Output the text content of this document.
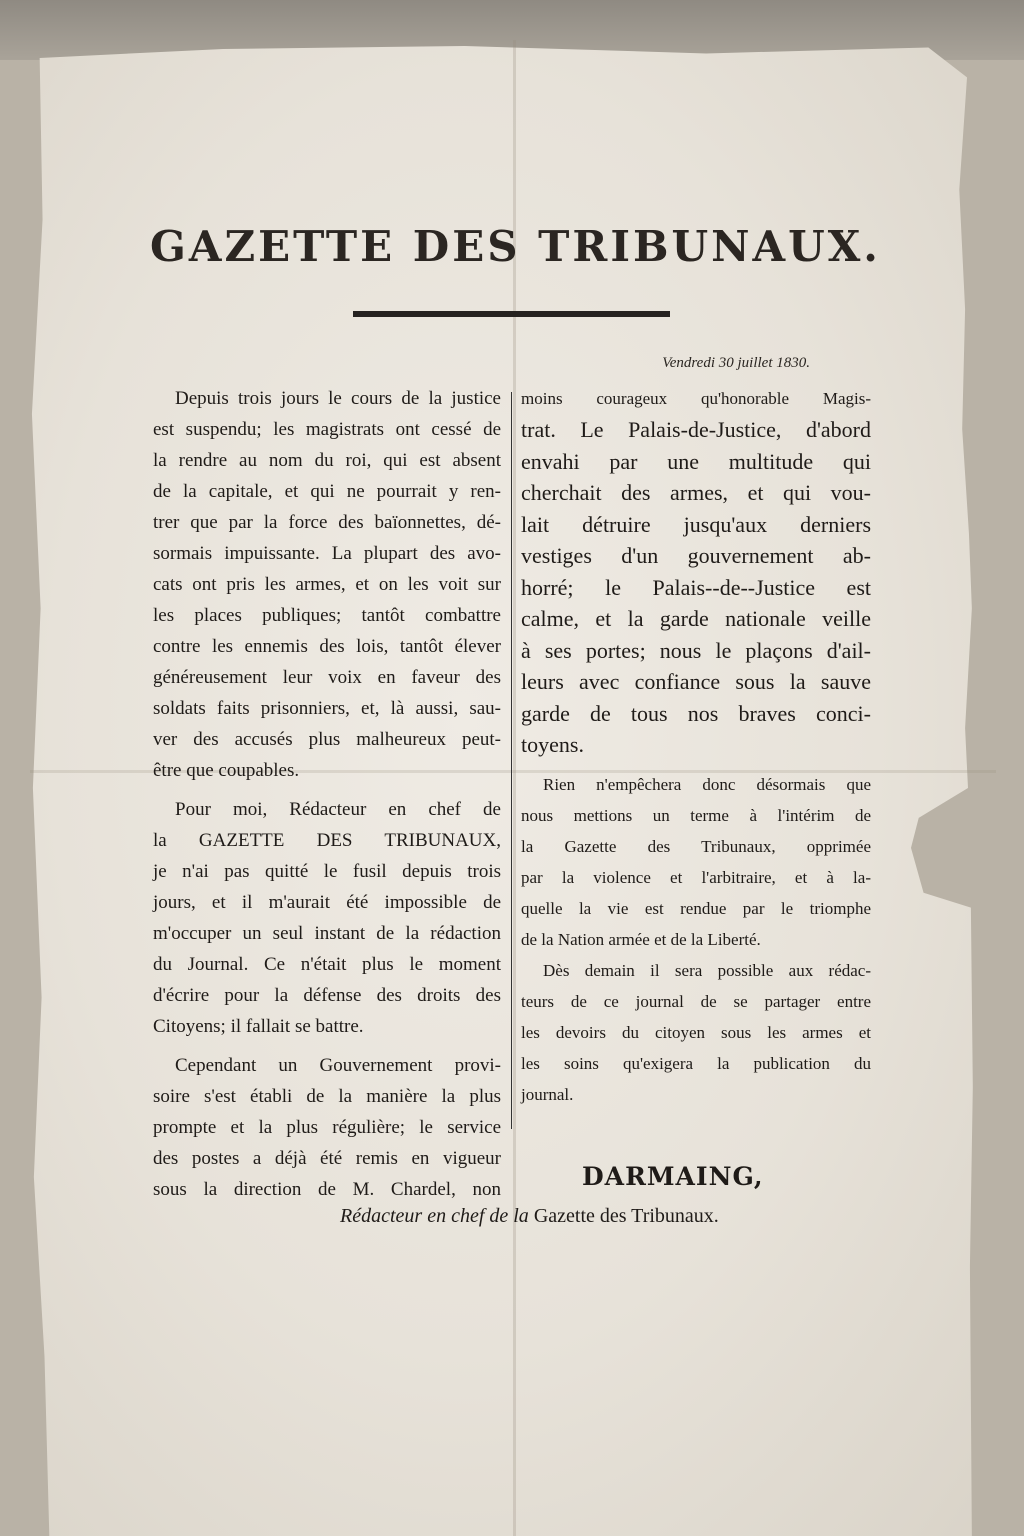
GAZETTE DES TRIBUNAUX.
Vendredi 30 juillet 1830.
Depuis trois jours le cours de la justice
est suspendu; les magistrats ont cessé de
la rendre au nom du roi, qui est absent
de la capitale, et qui ne pourrait y ren-
trer que par la force des baïonnettes, dé-
sormais impuissante. La plupart des avo-
cats ont pris les armes, et on les voit sur
les places publiques; tantôt combattre
contre les ennemis des lois, tantôt élever
généreusement leur voix en faveur des
soldats faits prisonniers, et, là aussi, sau-
ver des accusés plus malheureux peut-
être que coupables.
Pour moi, Rédacteur en chef de
la GAZETTE DES TRIBUNAUX,
je n'ai pas quitté le fusil depuis trois
jours, et il m'aurait été impossible de
m'occuper un seul instant de la rédaction
du Journal. Ce n'était plus le moment
d'écrire pour la défense des droits des
Citoyens; il fallait se battre.
Cependant un Gouvernement provi-
soire s'est établi de la manière la plus
prompte et la plus régulière; le service
des postes a déjà été remis en vigueur
sous la direction de M. Chardel, non
moins courageux qu'honorable Magis-
trat. Le Palais-de-Justice, d'abord
envahi par une multitude qui
cherchait des armes, et qui vou-
lait détruire jusqu'aux derniers
vestiges d'un gouvernement ab-
horré; le Palais--de--Justice est
calme, et la garde nationale veille
à ses portes; nous le plaçons d'ail-
leurs avec confiance sous la sauve
garde de tous nos braves conci-
toyens.
Rien n'empêchera donc désormais que
nous mettions un terme à l'intérim de
la Gazette des Tribunaux, opprimée
par la violence et l'arbitraire, et à la-
quelle la vie est rendue par le triomphe
de la Nation armée et de la Liberté.
Dès demain il sera possible aux rédac-
teurs de ce journal de se partager entre
les devoirs du citoyen sous les armes et
les soins qu'exigera la publication du
journal.
DARMAING,
Rédacteur en chef de la Gazette des Tribunaux.
